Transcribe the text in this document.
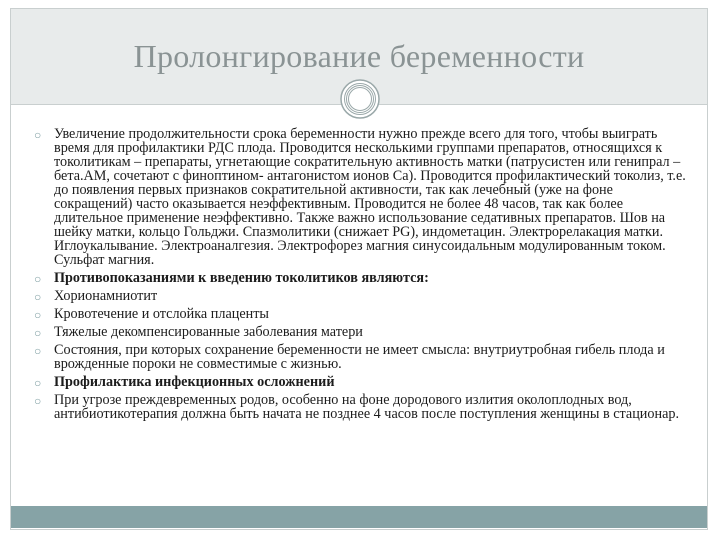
Пролонгирование беременности
○ Увеличение продолжительности срока беременности нужно прежде всего для того, чтобы выиграть время для профилактики РДС плода. Проводится несколькими группами препаратов, относящихся к токолитикам – препараты, угнетающие сократительную активность матки (патрусистен или генипрал – бета.АМ, сочетают с финоптином- антагонистом ионов Са). Проводится профилактический токолиз, т.е. до появления первых признаков сократительной активности, так как лечебный (уже на фоне сокращений) часто оказывается неэффективным. Проводится не более 48 часов, так как более длительное применение неэффективно. Также важно использование седативных препаратов. Шов на шейку матки, кольцо Гольджи. Спазмолитики (снижает PG), индометацин. Электрорелакация матки. Иглоукалывание. Электроаналгезия. Электрофорез магния синусоидальным модулированным током. Сульфат магния.
○ Противопоказаниями к введению токолитиков являются:
○ Хорионамниотит
○ Кровотечение и отслойка плаценты
○ Тяжелые декомпенсированные заболевания матери
○ Состояния, при которых сохранение беременности не имеет смысла: внутриутробная гибель плода и врожденные пороки не совместимые с жизнью.
○ Профилактика инфекционных осложнений
○ При угрозе преждевременных родов, особенно на фоне дородового излития околоплодных вод, антибиотикотерапия должна быть начата не позднее 4 часов после поступления женщины в стационар.
